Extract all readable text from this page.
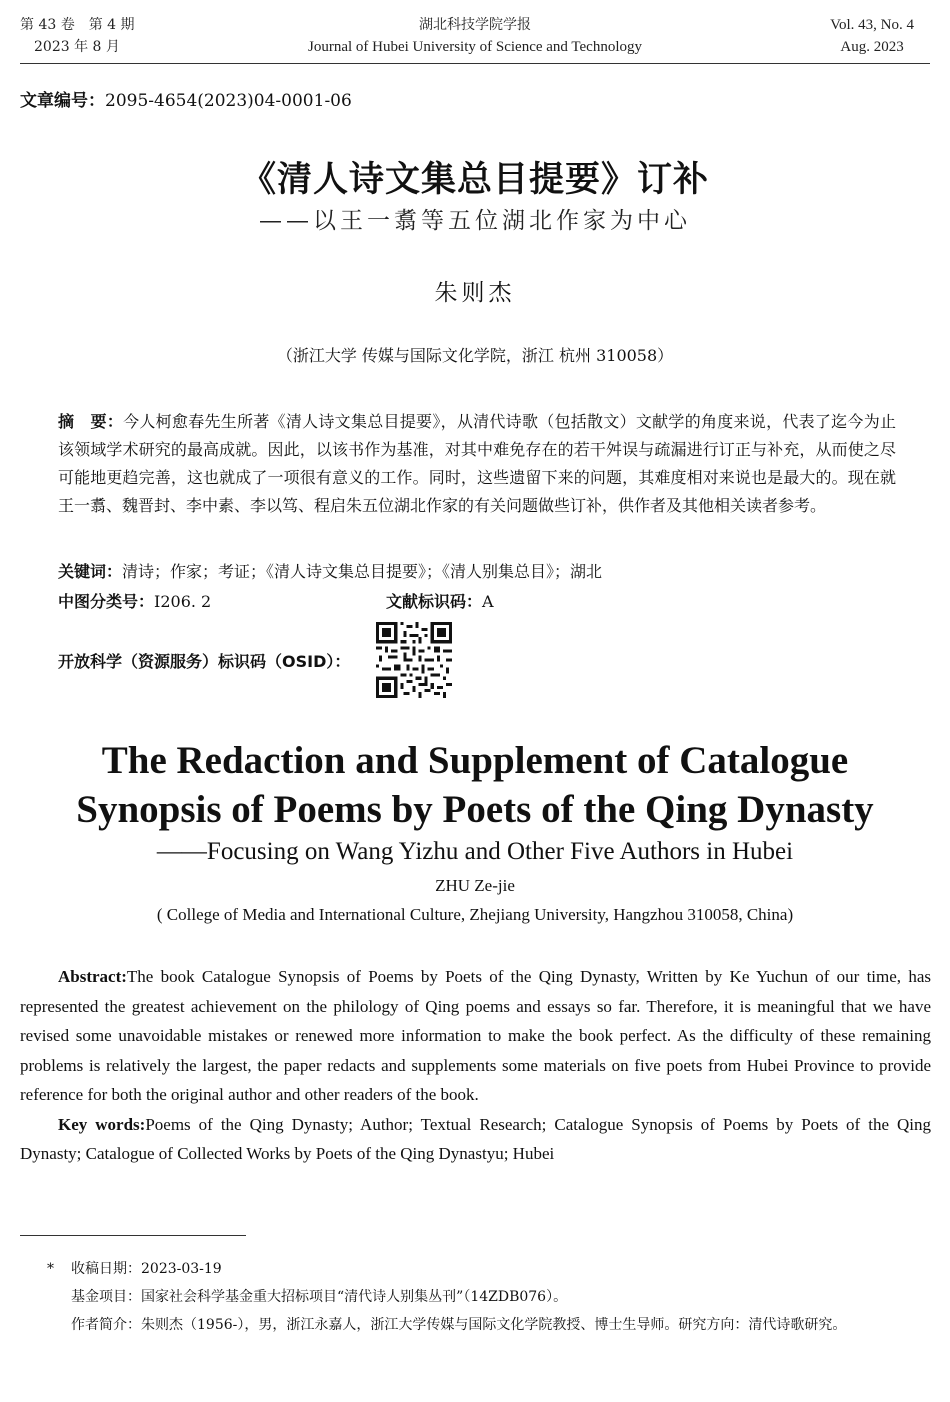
第 43 卷　第 4 期
2023 年 8 月
湖北科技学院学报
Journal of Hubei University of Science and Technology
Vol. 43, No. 4
Aug. 2023
文章编号：2095-4654(2023)04-0001-06
《清人诗文集总目提要》订补
——以王一翥等五位湖北作家为中心
朱则杰
（浙江大学 传媒与国际文化学院，浙江 杭州 310058）
摘　要：今人柯愈春先生所著《清人诗文集总目提要》，从清代诗歌（包括散文）文献学的角度来说，代表了迄今为止该领域学术研究的最高成就。因此，以该书作为基准，对其中难免存在的若干舛误与疏漏进行订正与补充，从而使之尽可能地更趋完善，这也就成了一项很有意义的工作。同时，这些遗留下来的问题，其难度相对来说也是最大的。现在就王一翥、魏晋封、李中素、李以笃、程启朱五位湖北作家的有关问题做些订补，供作者及其他相关读者参考。
关键词：清诗；作家；考证；《清人诗文集总目提要》；《清人别集总目》；湖北
中图分类号：I206. 2	文献标识码：A
开放科学（资源服务）标识码（OSID）：
The Redaction and Supplement of Catalogue
Synopsis of Poems by Poets of the Qing Dynasty
——Focusing on Wang Yizhu and Other Five Authors in Hubei
ZHU Ze-jie
( College of Media and International Culture, Zhejiang University, Hangzhou 310058, China)

Abstract:The book Catalogue Synopsis of Poems by Poets of the Qing Dynasty, Written by Ke Yuchun of our time, has represented the greatest achievement on the philology of Qing poems and essays so far. Therefore, it is meaningful that we have revised some unavoidable mistakes or renewed more information to make the book perfect. As the difficulty of these remaining problems is relatively the largest, the paper redacts and supplements some materials on five poets from Hubei Province to provide reference for both the original author and other readers of the book.

Key words:Poems of the Qing Dynasty; Author; Textual Research; Catalogue Synopsis of Poems by Poets of the Qing Dynasty; Catalogue of Collected Works by Poets of the Qing Dynastyu; Hubei

*	收稿日期：2023-03-19
基金项目：国家社会科学基金重大招标项目“清代诗人别集丛刊”（14ZDB076）。
作者简介：朱则杰（1956-），男，浙江永嘉人，浙江大学传媒与国际文化学院教授、博士生导师。研究方向：清代诗歌研究。
